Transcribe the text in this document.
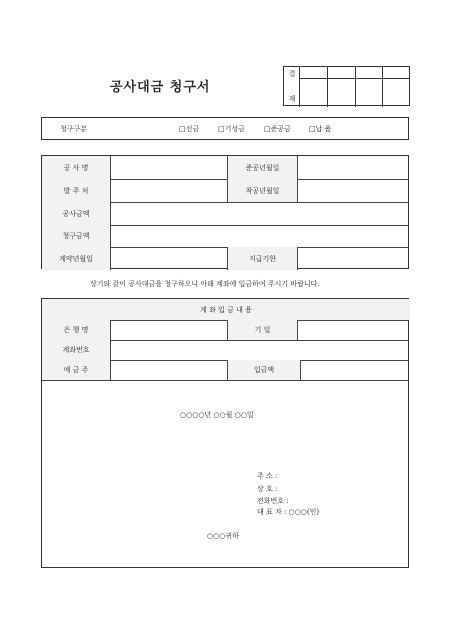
공사대금 청구서
결
재
청구구분	□선금	□기성금	□준공금	□납 품
공 사 명	준공년월일
발 주 처	착공년월일
공사금액
청구금액
계약년월일	지급기한
상기와 같이 공사대금을 청구하오니 아래 계좌에 입금하여 주시기 바랍니다.
계 좌 입 금 내 용
은 행 명	기 일
계좌번호
예 금 주	입금액
○○○○년 ○○월 ○○일
주 소 :
상 호 :
전화번호 :
대 표 자 : ○○○(인)
○○○귀하
